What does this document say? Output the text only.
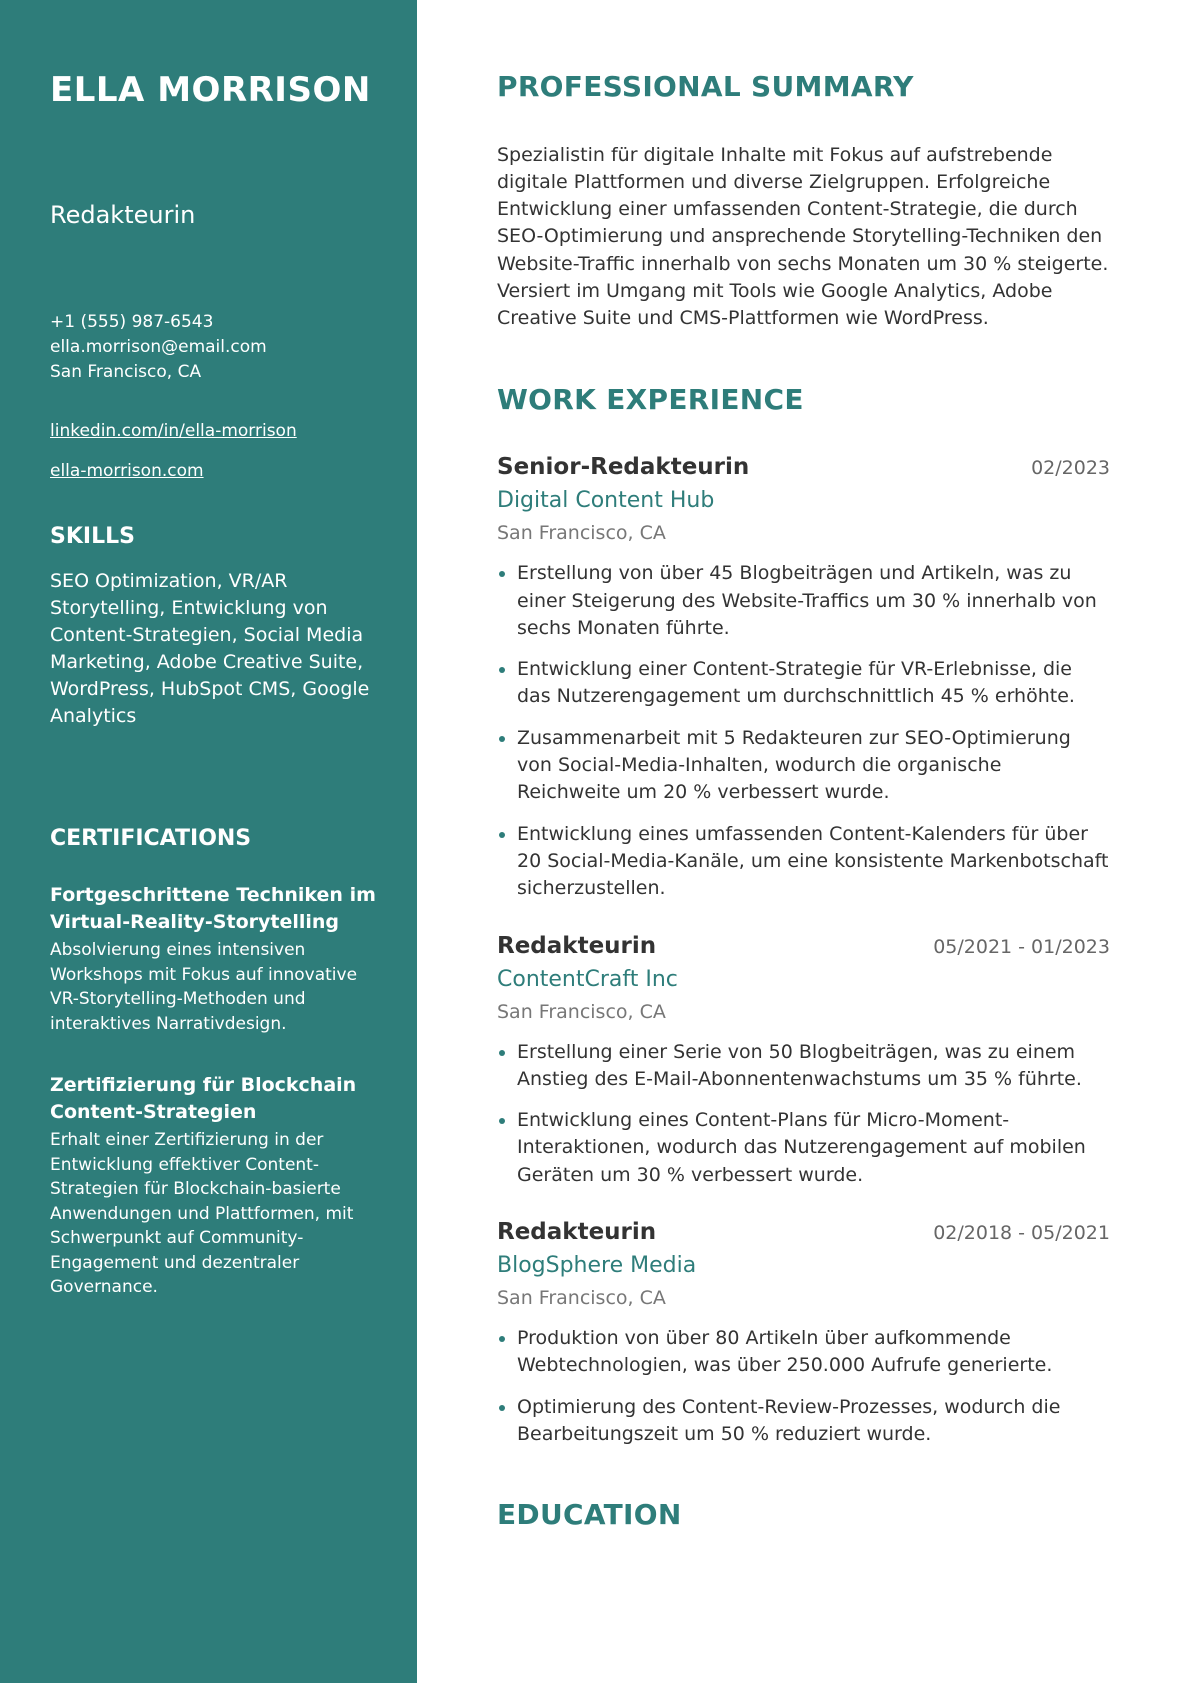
ELLA MORRISON
Redakteurin
+1 (555) 987-6543
ella.morrison@email.com
San Francisco, CA
linkedin.com/in/ella-morrison
ella-morrison.com
SKILLS
SEO Optimization, VR/AR Storytelling, Entwicklung von Content-Strategien, Social Media Marketing, Adobe Creative Suite, WordPress, HubSpot CMS, Google Analytics
CERTIFICATIONS
Fortgeschrittene Techniken im Virtual-Reality-Storytelling
Absolvierung eines intensiven Workshops mit Fokus auf innovative VR-Storytelling-Methoden und interaktives Narrativdesign.
Zertifizierung für Blockchain Content-Strategien
Erhalt einer Zertifizierung in der Entwicklung effektiver Content-Strategien für Blockchain-basierte Anwendungen und Plattformen, mit Schwerpunkt auf Community-Engagement und dezentraler Governance.
PROFESSIONAL SUMMARY
Spezialistin für digitale Inhalte mit Fokus auf aufstrebende digitale Plattformen und diverse Zielgruppen. Erfolgreiche Entwicklung einer umfassenden Content-Strategie, die durch SEO-Optimierung und ansprechende Storytelling-Techniken den Website-Traffic innerhalb von sechs Monaten um 30 % steigerte. Versiert im Umgang mit Tools wie Google Analytics, Adobe Creative Suite und CMS-Plattformen wie WordPress.
WORK EXPERIENCE
Senior-Redakteurin	02/2023
Digital Content Hub
San Francisco, CA
Erstellung von über 45 Blogbeiträgen und Artikeln, was zu einer Steigerung des Website-Traffics um 30 % innerhalb von sechs Monaten führte.
Entwicklung einer Content-Strategie für VR-Erlebnisse, die das Nutzerengagement um durchschnittlich 45 % erhöhte.
Zusammenarbeit mit 5 Redakteuren zur SEO-Optimierung von Social-Media-Inhalten, wodurch die organische Reichweite um 20 % verbessert wurde.
Entwicklung eines umfassenden Content-Kalenders für über 20 Social-Media-Kanäle, um eine konsistente Markenbotschaft sicherzustellen.
Redakteurin	05/2021 - 01/2023
ContentCraft Inc
San Francisco, CA
Erstellung einer Serie von 50 Blogbeiträgen, was zu einem Anstieg des E-Mail-Abonnentenwachstums um 35 % führte.
Entwicklung eines Content-Plans für Micro-Moment-Interaktionen, wodurch das Nutzerengagement auf mobilen Geräten um 30 % verbessert wurde.
Redakteurin	02/2018 - 05/2021
BlogSphere Media
San Francisco, CA
Produktion von über 80 Artikeln über aufkommende Webtechnologien, was über 250.000 Aufrufe generierte.
Optimierung des Content-Review-Prozesses, wodurch die Bearbeitungszeit um 50 % reduziert wurde.
EDUCATION
